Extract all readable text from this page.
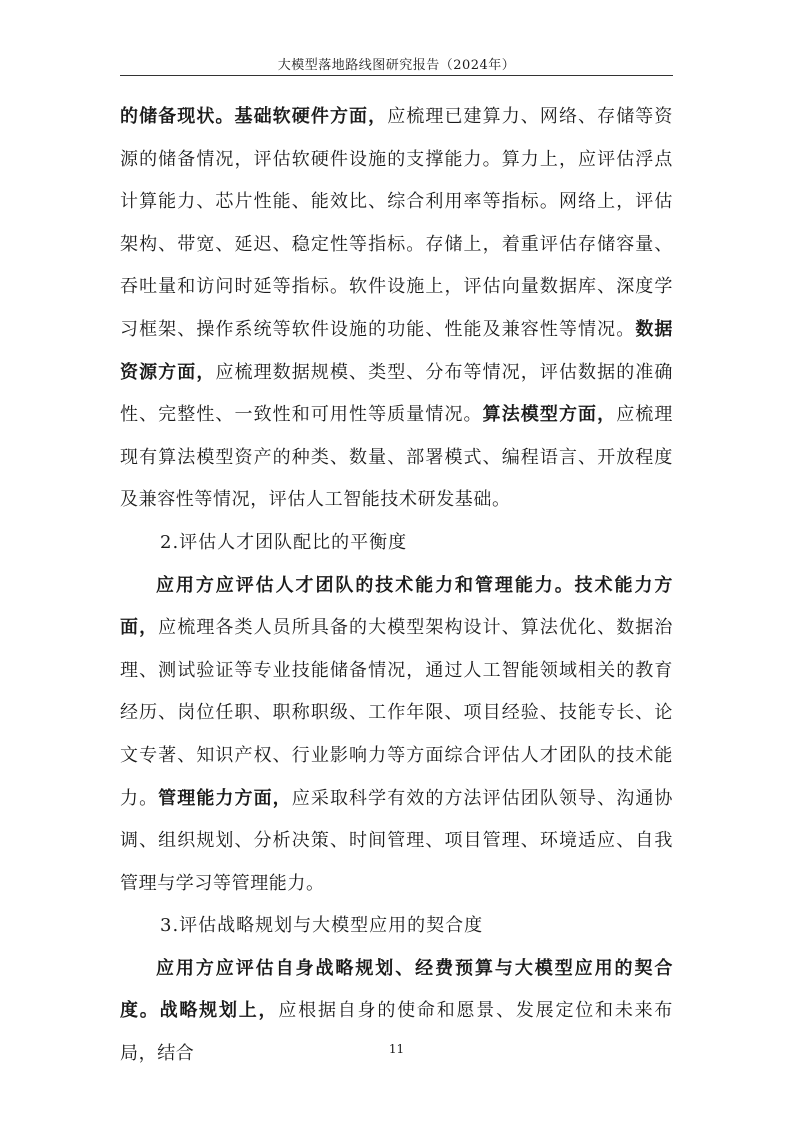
大模型落地路线图研究报告（2024年）

的储备现状。基础软硬件方面，应梳理已建算力、网络、存储等资源的储备情况，评估软硬件设施的支撑能力。算力上，应评估浮点计算能力、芯片性能、能效比、综合利用率等指标。网络上，评估架构、带宽、延迟、稳定性等指标。存储上，着重评估存储容量、吞吐量和访问时延等指标。软件设施上，评估向量数据库、深度学习框架、操作系统等软件设施的功能、性能及兼容性等情况。数据资源方面，应梳理数据规模、类型、分布等情况，评估数据的准确性、完整性、一致性和可用性等质量情况。算法模型方面，应梳理现有算法模型资产的种类、数量、部署模式、编程语言、开放程度及兼容性等情况，评估人工智能技术研发基础。

2.评估人才团队配比的平衡度

应用方应评估人才团队的技术能力和管理能力。技术能力方面，应梳理各类人员所具备的大模型架构设计、算法优化、数据治理、测试验证等专业技能储备情况，通过人工智能领域相关的教育经历、岗位任职、职称职级、工作年限、项目经验、技能专长、论文专著、知识产权、行业影响力等方面综合评估人才团队的技术能力。管理能力方面，应采取科学有效的方法评估团队领导、沟通协调、组织规划、分析决策、时间管理、项目管理、环境适应、自我管理与学习等管理能力。

3.评估战略规划与大模型应用的契合度

应用方应评估自身战略规划、经费预算与大模型应用的契合度。战略规划上，应根据自身的使命和愿景、发展定位和未来布局，结合	11
